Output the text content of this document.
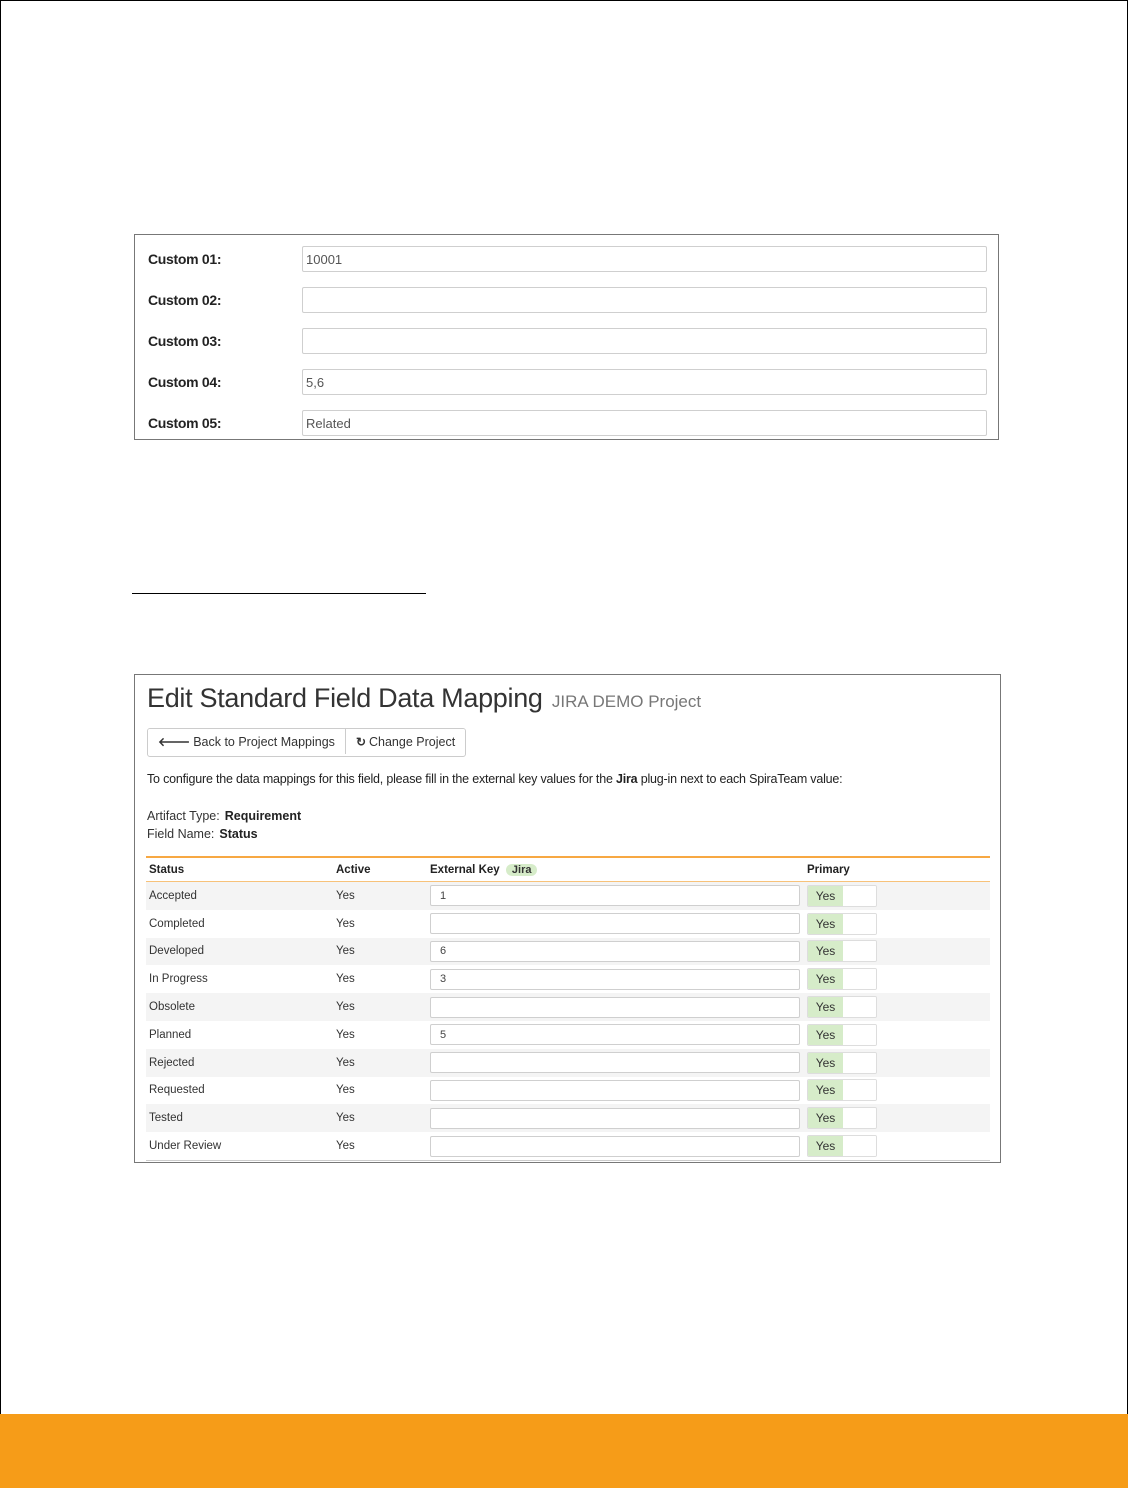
Custom 01:
10001
Custom 02:
Custom 03:
Custom 04:
5,6
Custom 05:
Related
Edit Standard Field Data Mapping JIRA DEMO Project
🡐 Back to Project Mappings ↻ Change Project
To configure the data mappings for this field, please fill in the external key values for the Jira plug-in next to each SpiraTeam value:
Artifact Type: Requirement
Field Name: Status
Status	Active	External Key Jira	Primary
Accepted	Yes	1	Yes

Completed	Yes		Yes

Developed	Yes	6	Yes

In Progress	Yes	3	Yes

Obsolete	Yes		Yes

Planned	Yes	5	Yes

Rejected	Yes		Yes

Requested	Yes		Yes

Tested	Yes		Yes

Under Review	Yes		Yes
